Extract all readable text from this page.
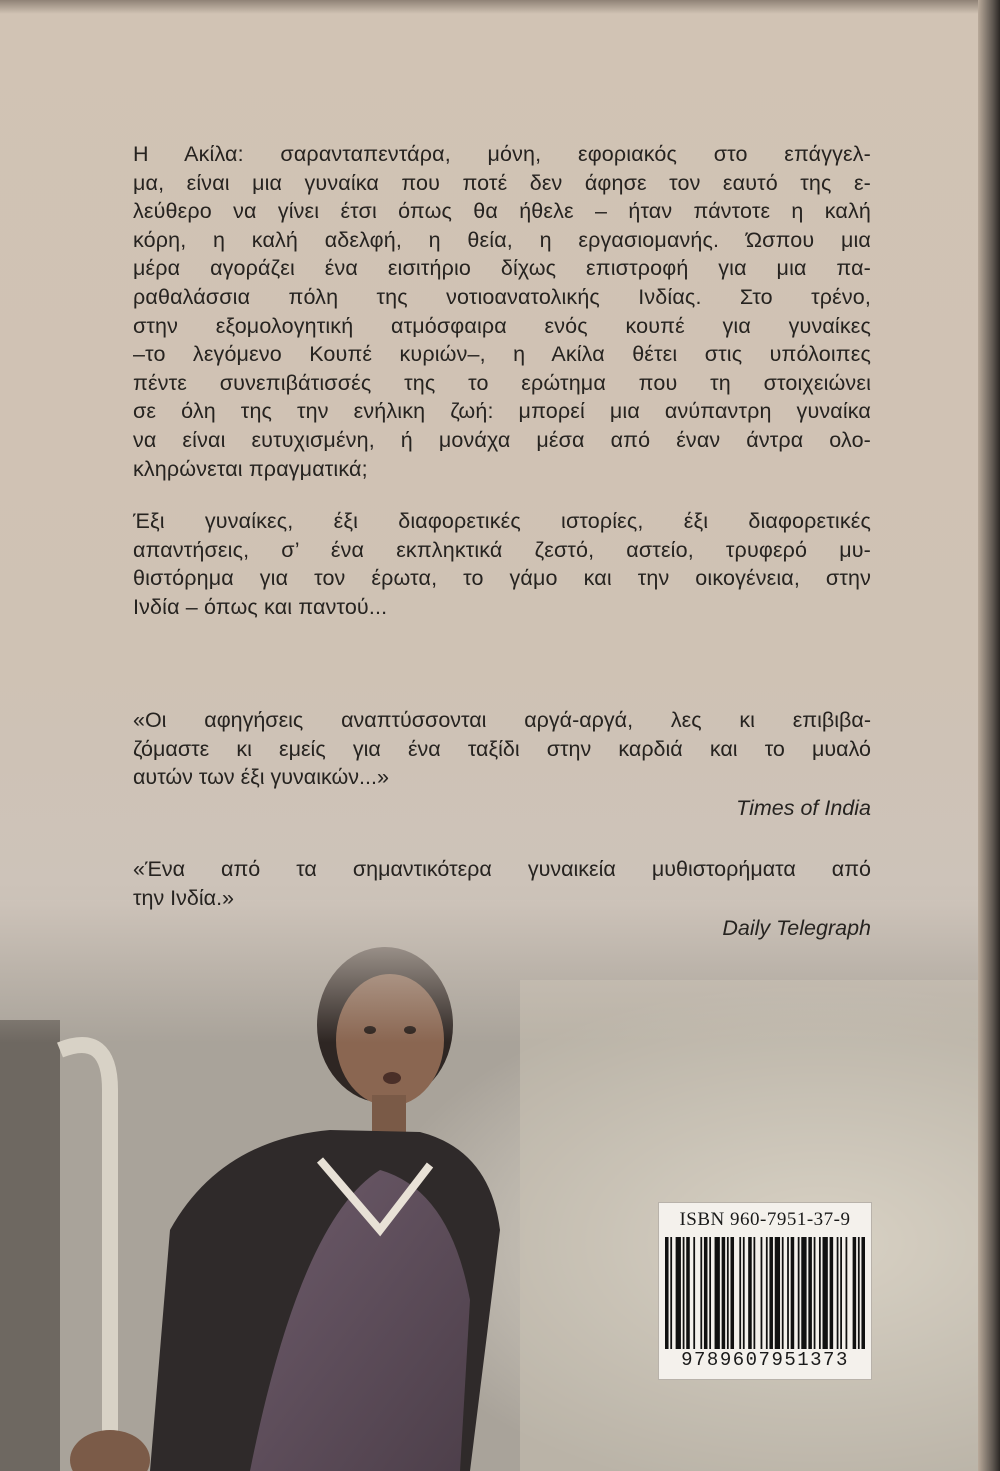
Η Ακίλα: σαρανταπεντάρα, μόνη, εφοριακός στο επάγγελ-
μα, είναι μια γυναίκα που ποτέ δεν άφησε τον εαυτό της ε-
λεύθερο να γίνει έτσι όπως θα ήθελε – ήταν πάντοτε η καλή
κόρη, η καλή αδελφή, η θεία, η εργασιομανής. Ώσπου μια
μέρα αγοράζει ένα εισιτήριο δίχως επιστροφή για μια πα-
ραθαλάσσια πόλη της νοτιοανατολικής Ινδίας. Στο τρένο,
στην εξομολογητική ατμόσφαιρα ενός κουπέ για γυναίκες
–το λεγόμενο Κουπέ κυριών–, η Ακίλα θέτει στις υπόλοιπες
πέντε συνεπιβάτισσές της το ερώτημα που τη στοιχειώνει
σε όλη της την ενήλικη ζωή: μπορεί μια ανύπαντρη γυναίκα
να είναι ευτυχισμένη, ή μονάχα μέσα από έναν άντρα ολο-
κληρώνεται πραγματικά;

Έξι γυναίκες, έξι διαφορετικές ιστορίες, έξι διαφορετικές
απαντήσεις, σ’ ένα εκπληκτικά ζεστό, αστείο, τρυφερό μυ-
θιστόρημα για τον έρωτα, το γάμο και την οικογένεια, στην
Ινδία – όπως και παντού...

«Οι αφηγήσεις αναπτύσσονται αργά-αργά, λες κι επιβιβα-
ζόμαστε κι εμείς για ένα ταξίδι στην καρδιά και το μυαλό
αυτών των έξι γυναικών...»
Times of India
«Ένα από τα σημαντικότερα γυναικεία μυθιστορήματα από
την Ινδία.»
Daily Telegraph
ISBN 960-7951-37-9
9789607951373
